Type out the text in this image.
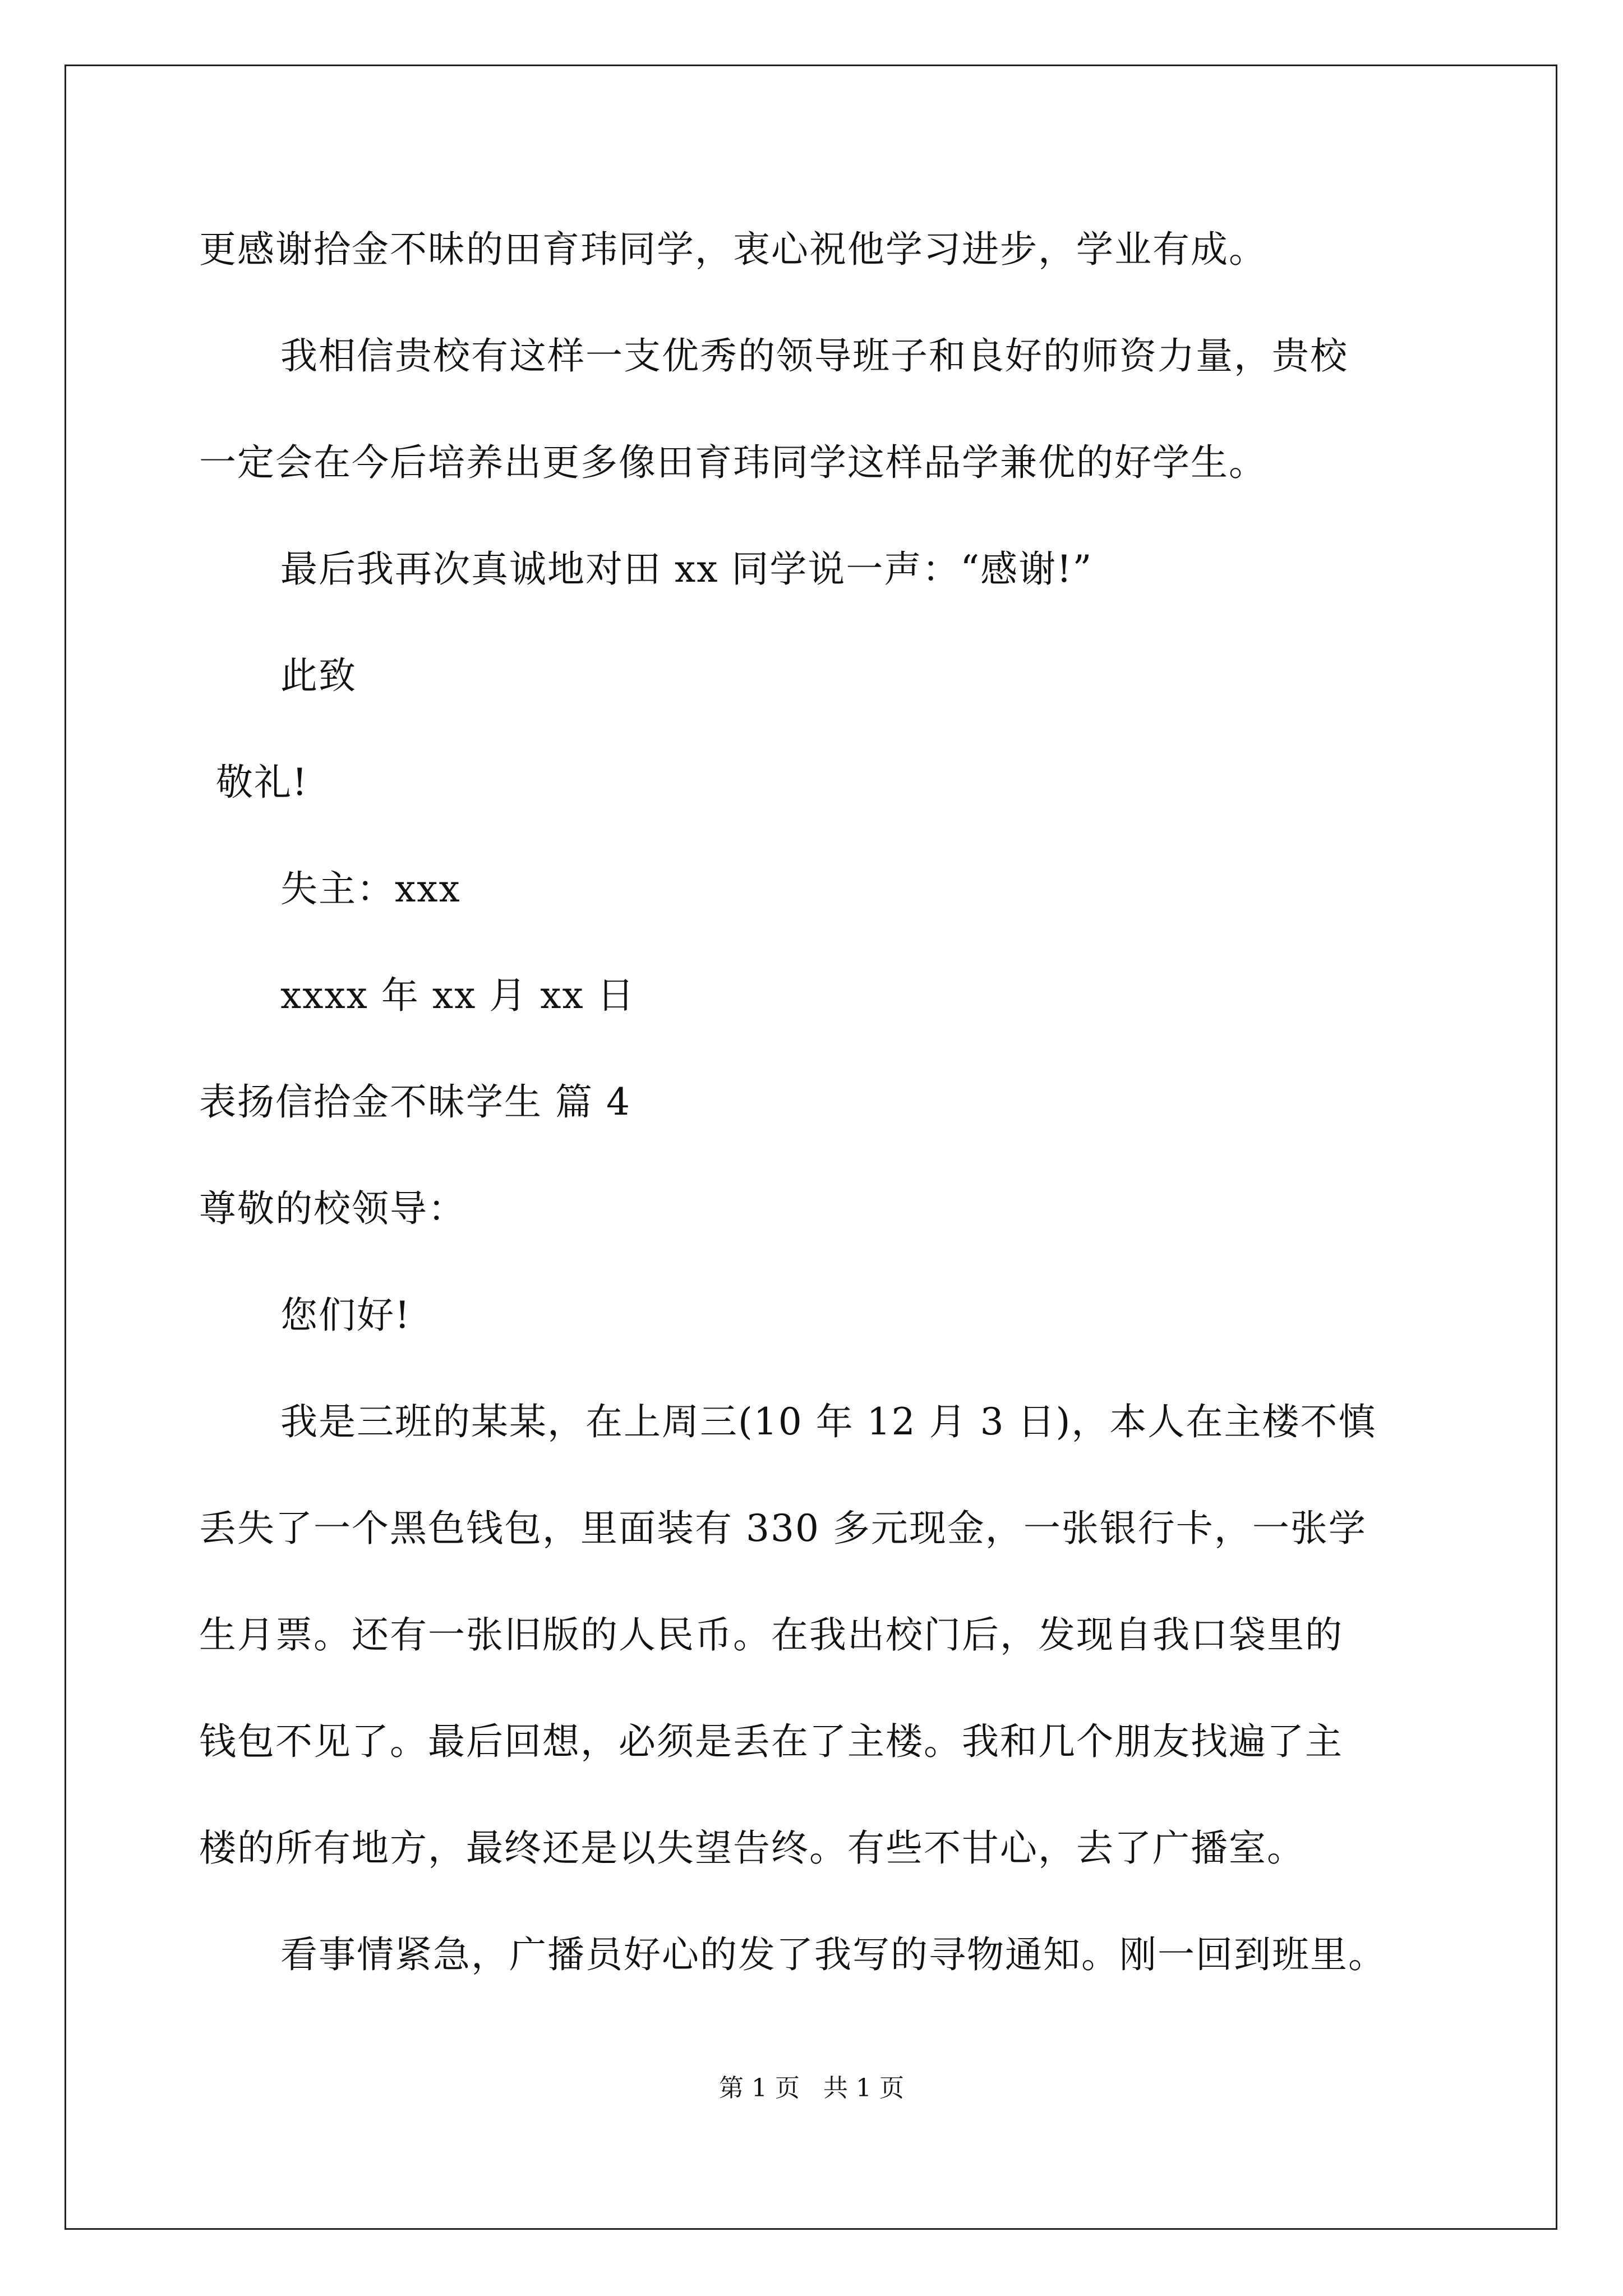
更感谢拾金不昧的田育玮同学，衷心祝他学习进步，学业有成。
我相信贵校有这样一支优秀的领导班子和良好的师资力量，贵校
一定会在今后培养出更多像田育玮同学这样品学兼优的好学生。
最后我再次真诚地对田 xx 同学说一声：“感谢!”
此致
敬礼!
失主：xxx
xxxx 年 xx 月 xx 日
表扬信拾金不昧学生 篇 4
尊敬的校领导：
您们好!
我是三班的某某，在上周三(10 年 12 月 3 日)，本人在主楼不慎
丢失了一个黑色钱包，里面装有 330 多元现金，一张银行卡，一张学
生月票。还有一张旧版的人民币。在我出校门后，发现自我口袋里的
钱包不见了。最后回想，必须是丢在了主楼。我和几个朋友找遍了主
楼的所有地方，最终还是以失望告终。有些不甘心，去了广播室。
看事情紧急，广播员好心的发了我写的寻物通知。刚一回到班里。
第 1 页   共 1 页
